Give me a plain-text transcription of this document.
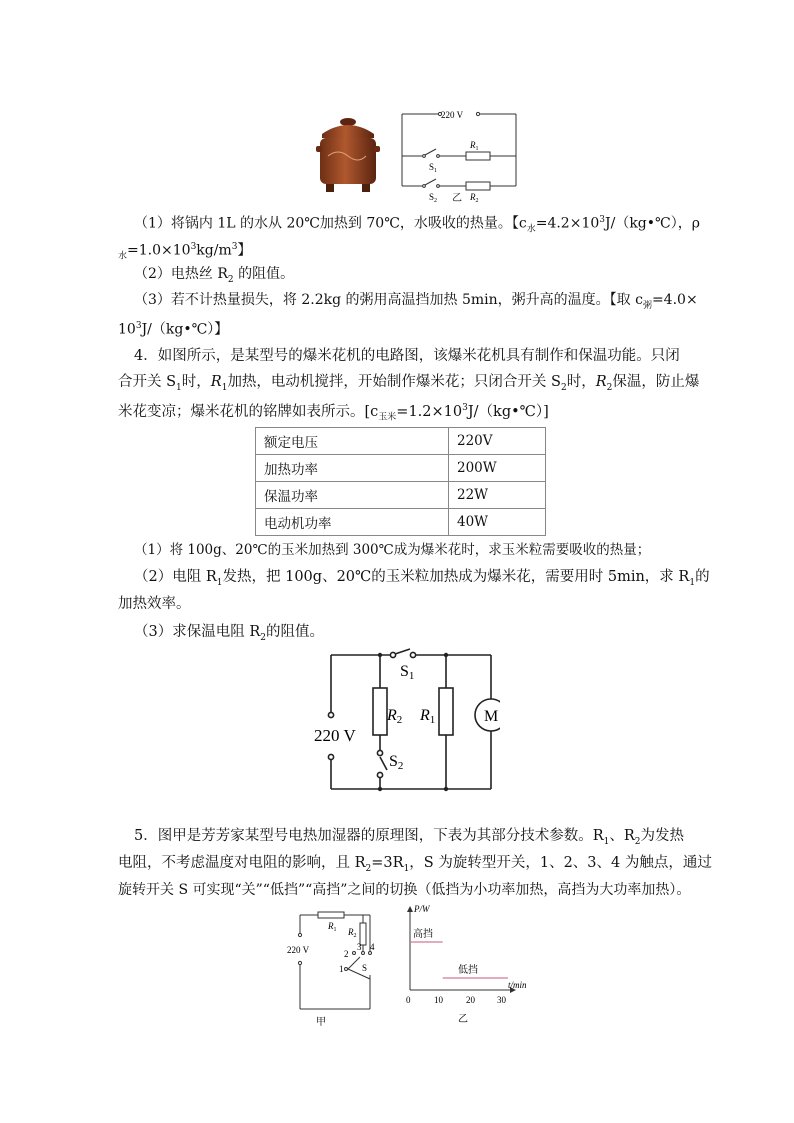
220 V
$S_1$
$S_2$
$R_1$
$R_2$
乙
（1）将锅内 1L 的水从 20℃加热到 70℃，水吸收的热量。【$c_水=4.2\times 10^3J/(kg•℃)$，ρ
$_水=1.0\times 10^3kg/m^3$】
（2）电热丝 $R_2$ 的阻值。
（3）若不计热量损失，将 2.2kg 的粥用高温挡加热 5min，粥升高的温度。【取 $c_粥=4.0\times$
$10^3J/(kg•℃)$】
4．如图所示，是某型号的爆米花机的电路图，该爆米花机具有制作和保温功能。只闭
合开关 $S_1$时，$R_1$加热，电动机搅拌，开始制作爆米花；只闭合开关 $S_2$时，$R_2$保温，防止爆
米花变凉；爆米花机的铭牌如表所示。$[c_{玉米}=1.2\times 10^3J/(kg•℃)]$
额定电压	220V
加热功率	200W
保温功率	22W
电动机功率	40W
（1）将 100g、20℃的玉米加热到 300℃成为爆米花时，求玉米粒需要吸收的热量；
（2）电阻 $R_1$发热，把 100g、20℃的玉米粒加热成为爆米花，需要用时 5min，求 $R_1$的
加热效率。
（3）求保温电阻 $R_2$的阻值。
S1
S2
R2 R1	M
220 V
5．图甲是芳芳家某型号电热加湿器的原理图，下表为其部分技术参数。$R_1$、$R_2$为发热
电阻，不考虑温度对电阻的影响，且 $R_2=3R_1$，S 为旋转型开关，1、2、3、4 为触点，通过
旋转开关 S 可实现“关”“低挡”“高挡”之间的切换（低挡为小功率加热，高挡为大功率加热）。
$R_1$ $R_2$
220 V
1
2
3 4
S
甲
P/W
t/min
高挡
低挡
0	10	20 30
乙
